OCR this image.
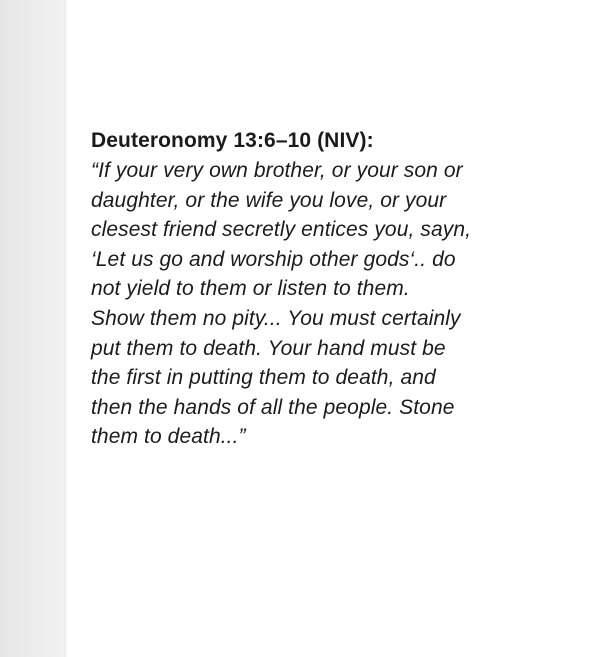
Deuteronomy 13:6–10 (NIV):

“If your very own brother, or your son or
daughter, or the wife you love, or your
clesest friend secretly entices you, sayn,
‘Let us go and worship other gods‘.. do
not yield to them or listen to them.
Show them no pity... You must certainly
put them to death. Your hand must be
the first in putting them to death, and
then the hands of all the people. Stone
them to death...”
